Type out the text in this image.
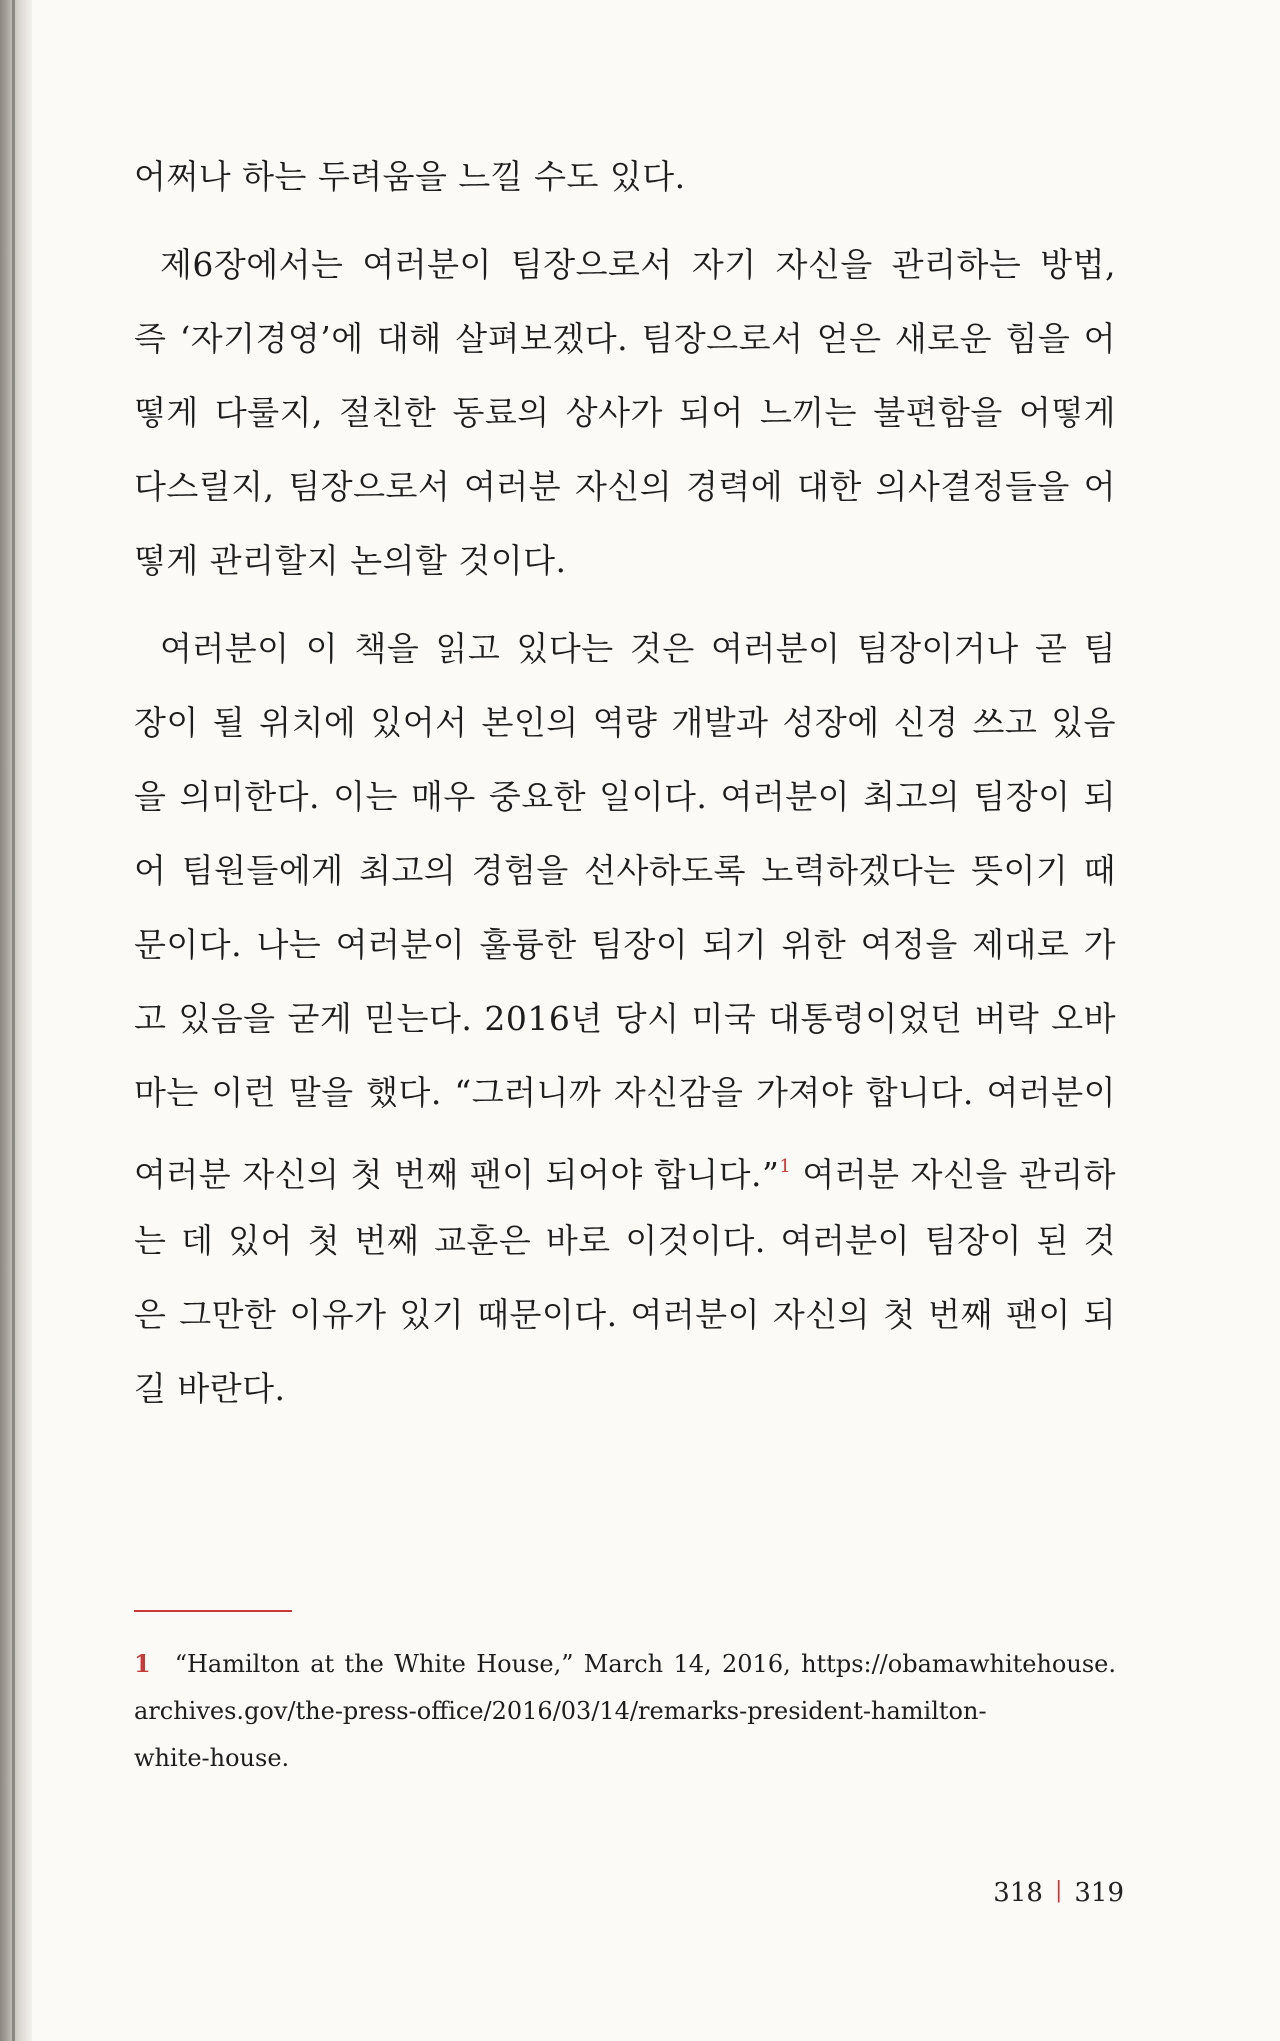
어쩌나 하는 두려움을 느낄 수도 있다.
제6장에서는 여러분이 팀장으로서 자기 자신을 관리하는 방법,
즉 ‘자기경영’에 대해 살펴보겠다. 팀장으로서 얻은 새로운 힘을 어
떻게 다룰지, 절친한 동료의 상사가 되어 느끼는 불편함을 어떻게
다스릴지, 팀장으로서 여러분 자신의 경력에 대한 의사결정들을 어
떻게 관리할지 논의할 것이다.
여러분이 이 책을 읽고 있다는 것은 여러분이 팀장이거나 곧 팀
장이 될 위치에 있어서 본인의 역량 개발과 성장에 신경 쓰고 있음
을 의미한다. 이는 매우 중요한 일이다. 여러분이 최고의 팀장이 되
어 팀원들에게 최고의 경험을 선사하도록 노력하겠다는 뜻이기 때
문이다. 나는 여러분이 훌륭한 팀장이 되기 위한 여정을 제대로 가
고 있음을 굳게 믿는다. 2016년 당시 미국 대통령이었던 버락 오바
마는 이런 말을 했다. “그러니까 자신감을 가져야 합니다. 여러분이
여러분 자신의 첫 번째 팬이 되어야 합니다.”$^1$ 여러분 자신을 관리하
는 데 있어 첫 번째 교훈은 바로 이것이다. 여러분이 팀장이 된 것
은 그만한 이유가 있기 때문이다. 여러분이 자신의 첫 번째 팬이 되
길 바란다.
1 “Hamilton at the White House,” March 14, 2016, https://obamawhitehouse.
archives.gov/the-press-office/2016/03/14/remarks-president-hamilton-
white-house.
318 | 319
